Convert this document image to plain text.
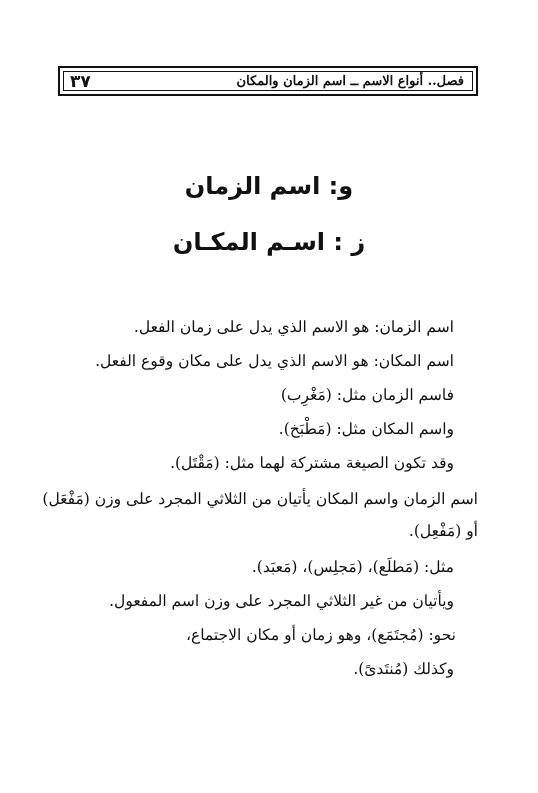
٣٧	فصل.. أنواع الاسم ــ اسم الزمان والمكان
و: اسم الزمان
ز : اسـم المكـان
اسم الزمان: هو الاسم الذي يدل على زمان الفعل.
اسم المكان: هو الاسم الذي يدل على مكان وقوع الفعل.
فاسم الزمان مثل: (مَغْرِب)
واسم المكان مثل: (مَطْبَخ).
وقد تكون الصيغة مشتركة لهما مثل: (مَقْتَل).
اسم الزمان واسم المكان يأتيان من الثلاثي المجرد على وزن (مَفْعَل)
أو (مَفْعِل).
مثل: (مَطلَع)، (مَجلِس)، (مَعبَد).
ويأتيان من غير الثلاثي المجرد على وزن اسم المفعول.
نحو: (مُجتَمَع)، وهو زمان أو مكان الاجتماع،
وكذلك (مُنتَدىً).
